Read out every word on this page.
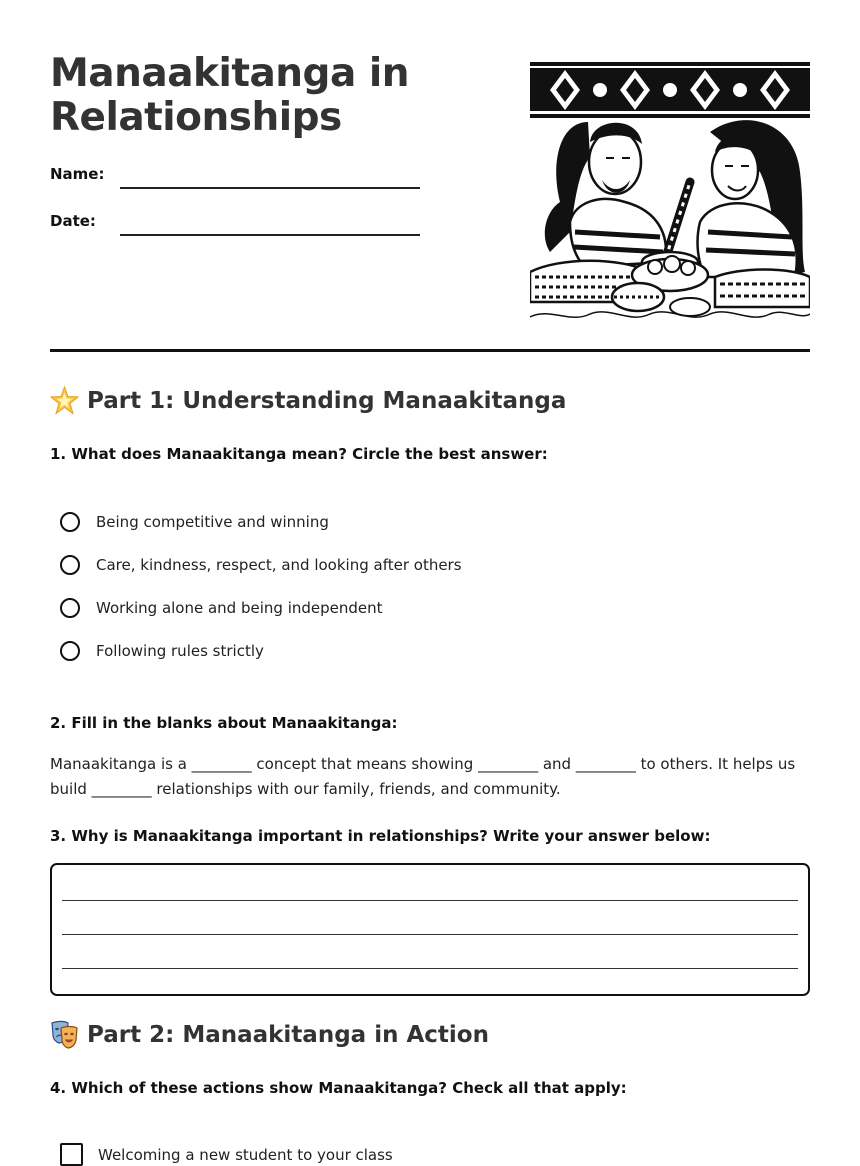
Manaakitanga in
Relationships
Name:
Date:
Part 1: Understanding Manaakitanga

1. What does Manaakitanga mean? Circle the best answer:

Being competitive and winning
Care, kindness, respect, and looking after others
Working alone and being independent
Following rules strictly

2. Fill in the blanks about Manaakitanga:

Manaakitanga is a ________ concept that means showing ________ and ________ to others. It helps us build ________ relationships with our family, friends, and community.

3. Why is Manaakitanga important in relationships? Write your answer below:

Part 2: Manaakitanga in Action

4. Which of these actions show Manaakitanga? Check all that apply:

Welcoming a new student to your class
